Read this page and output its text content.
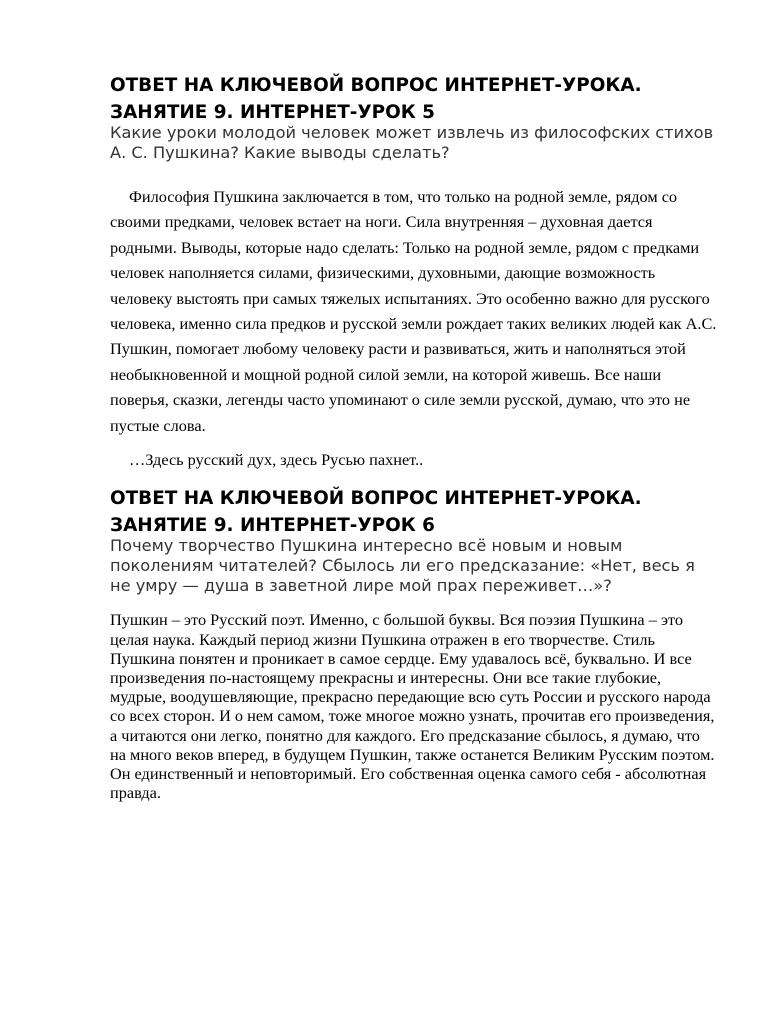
ОТВЕТ НА КЛЮЧЕВОЙ ВОПРОС ИНТЕРНЕТ-УРОКА.
ЗАНЯТИЕ 9. ИНТЕРНЕТ-УРОК 5

Какие уроки молодой человек может извлечь из философских стихов А. С. Пушкина? Какие выводы сделать?

Философия Пушкина заключается в том, что только на родной земле, рядом со своими предками, человек встает на ноги. Сила внутренняя – духовная дается родными. Выводы, которые надо сделать: Только на родной земле, рядом с предками человек наполняется силами, физическими, духовными, дающие возможность человеку выстоять при самых тяжелых испытаниях. Это особенно важно для русского человека, именно сила предков и русской земли рождает таких великих людей как А.С. Пушкин, помогает любому человеку расти и развиваться, жить и наполняться этой необыкновенной и мощной родной силой земли, на которой живешь. Все наши поверья, сказки, легенды часто упоминают о силе земли русской, думаю, что это не пустые слова.

…Здесь русский дух, здесь Русью пахнет..

ОТВЕТ НА КЛЮЧЕВОЙ ВОПРОС ИНТЕРНЕТ-УРОКА.
ЗАНЯТИЕ 9. ИНТЕРНЕТ-УРОК 6

Почему творчество Пушкина интересно всё новым и новым поколениям читателей? Сбылось ли его предсказание: «Нет, весь я не умру — душа в заветной лире мой прах переживет…»?

Пушкин – это Русский поэт. Именно, с большой буквы. Вся поэзия Пушкина – это целая наука. Каждый период жизни Пушкина отражен в его творчестве. Стиль Пушкина понятен и проникает в самое сердце. Ему удавалось всё, буквально. И все произведения по-настоящему прекрасны и интересны. Они все такие глубокие, мудрые, воодушевляющие, прекрасно передающие всю суть России и русского народа со всех сторон. И о нем самом, тоже многое можно узнать, прочитав его произведения, а читаются они легко, понятно для каждого. Его предсказание сбылось, я думаю, что на много веков вперед, в будущем Пушкин, также останется Великим Русским поэтом. Он единственный и неповторимый. Его собственная оценка самого себя - абсолютная правда.
